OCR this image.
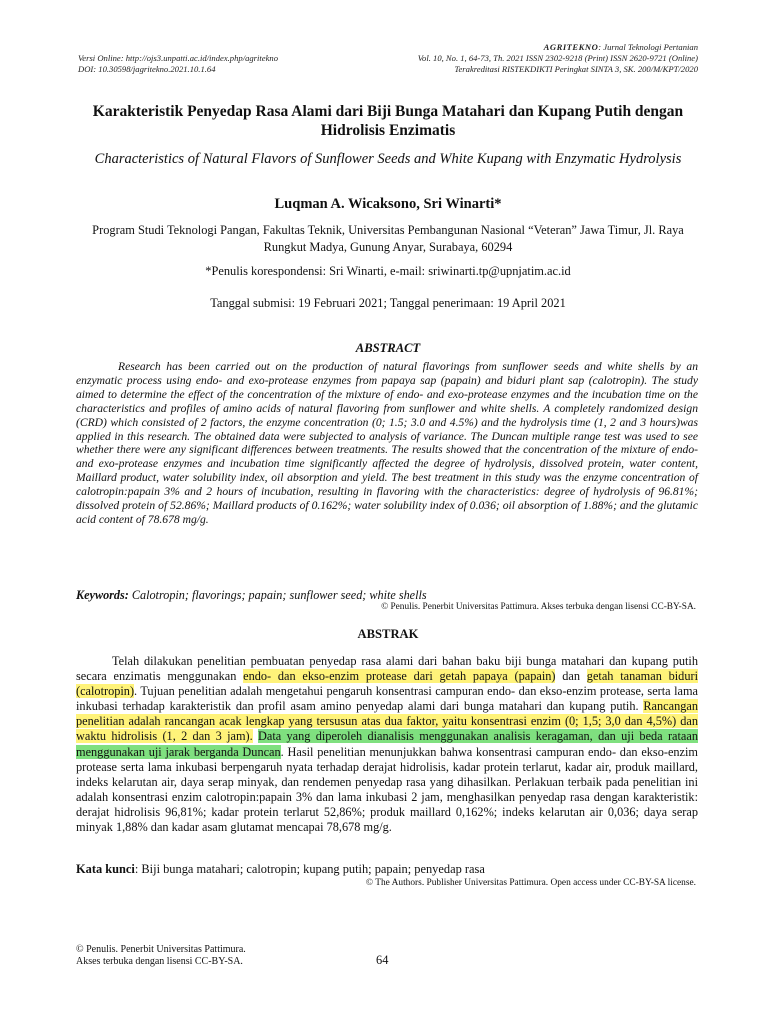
AGRITEKNO: Jurnal Teknologi Pertanian
Versi Online: http://ojs3.unpatti.ac.id/index.php/agritekno	Vol. 10, No. 1, 64-73, Th. 2021 ISSN 2302-9218 (Print) ISSN 2620-9721 (Online)
DOI: 10.30598/jagritekno.2021.10.1.64	Terakreditasi RISTEKDIKTI Peringkat SINTA 3, SK. 200/M/KPT/2020
Karakteristik Penyedap Rasa Alami dari Biji Bunga Matahari dan Kupang Putih dengan Hidrolisis Enzimatis
Characteristics of Natural Flavors of Sunflower Seeds and White Kupang with Enzymatic Hydrolysis
Luqman A. Wicaksono, Sri Winarti*
Program Studi Teknologi Pangan, Fakultas Teknik, Universitas Pembangunan Nasional “Veteran” Jawa Timur, Jl. Raya Rungkut Madya, Gunung Anyar, Surabaya, 60294
*Penulis korespondensi: Sri Winarti, e-mail: sriwinarti.tp@upnjatim.ac.id
Tanggal submisi: 19 Februari 2021; Tanggal penerimaan: 19 April 2021
ABSTRACT
Research has been carried out on the production of natural flavorings from sunflower seeds and white shells by an enzymatic process using endo- and exo-protease enzymes from papaya sap (papain) and biduri plant sap (calotropin). The study aimed to determine the effect of the concentration of the mixture of endo- and exo-protease enzymes and the incubation time on the characteristics and profiles of amino acids of natural flavoring from sunflower and white shells. A completely randomized design (CRD) which consisted of 2 factors, the enzyme concentration (0; 1.5; 3.0 and 4.5%) and the hydrolysis time (1, 2 and 3 hours)was applied in this research. The obtained data were subjected to analysis of variance. The Duncan multiple range test was used to see whether there were any significant differences between treatments. The results showed that the concentration of the mixture of endo- and exo-protease enzymes and incubation time significantly affected the degree of hydrolysis, dissolved protein, water content, Maillard product, water solubility index, oil absorption and yield. The best treatment in this study was the enzyme concentration of calotropin:papain 3% and 2 hours of incubation, resulting in flavoring with the characteristics: degree of hydrolysis of 96.81%; dissolved protein of 52.86%; Maillard products of 0.162%; water solubility index of 0.036; oil absorption of 1.88%; and the glutamic acid content of 78.678 mg/g.
Keywords: Calotropin; flavorings; papain; sunflower seed; white shells
© Penulis. Penerbit Universitas Pattimura. Akses terbuka dengan lisensi CC-BY-SA.
ABSTRAK
Telah dilakukan penelitian pembuatan penyedap rasa alami dari bahan baku biji bunga matahari dan kupang putih secara enzimatis menggunakan endo- dan ekso-enzim protease dari getah papaya (papain) dan getah tanaman biduri (calotropin). Tujuan penelitian adalah mengetahui pengaruh konsentrasi campuran endo- dan ekso-enzim protease, serta lama inkubasi terhadap karakteristik dan profil asam amino penyedap alami dari bunga matahari dan kupang putih. Rancangan penelitian adalah rancangan acak lengkap yang tersusun atas dua faktor, yaitu konsentrasi enzim (0; 1,5; 3,0 dan 4,5%) dan waktu hidrolisis (1, 2 dan 3 jam). Data yang diperoleh dianalisis menggunakan analisis keragaman, dan uji beda rataan menggunakan uji jarak berganda Duncan. Hasil penelitian menunjukkan bahwa konsentrasi campuran endo- dan ekso-enzim protease serta lama inkubasi berpengaruh nyata terhadap derajat hidrolisis, kadar protein terlarut, kadar air, produk maillard, indeks kelarutan air, daya serap minyak, dan rendemen penyedap rasa yang dihasilkan. Perlakuan terbaik pada penelitian ini adalah konsentrasi enzim calotropin:papain 3% dan lama inkubasi 2 jam, menghasilkan penyedap rasa dengan karakteristik: derajat hidrolisis 96,81%; kadar protein terlarut 52,86%; produk maillard 0,162%; indeks kelarutan air 0,036; daya serap minyak 1,88% dan kadar asam glutamat mencapai 78,678 mg/g.
Kata kunci: Biji bunga matahari; calotropin; kupang putih; papain; penyedap rasa
© The Authors. Publisher Universitas Pattimura. Open access under CC-BY-SA license.
© Penulis. Penerbit Universitas Pattimura.
Akses terbuka dengan lisensi CC-BY-SA.	64
